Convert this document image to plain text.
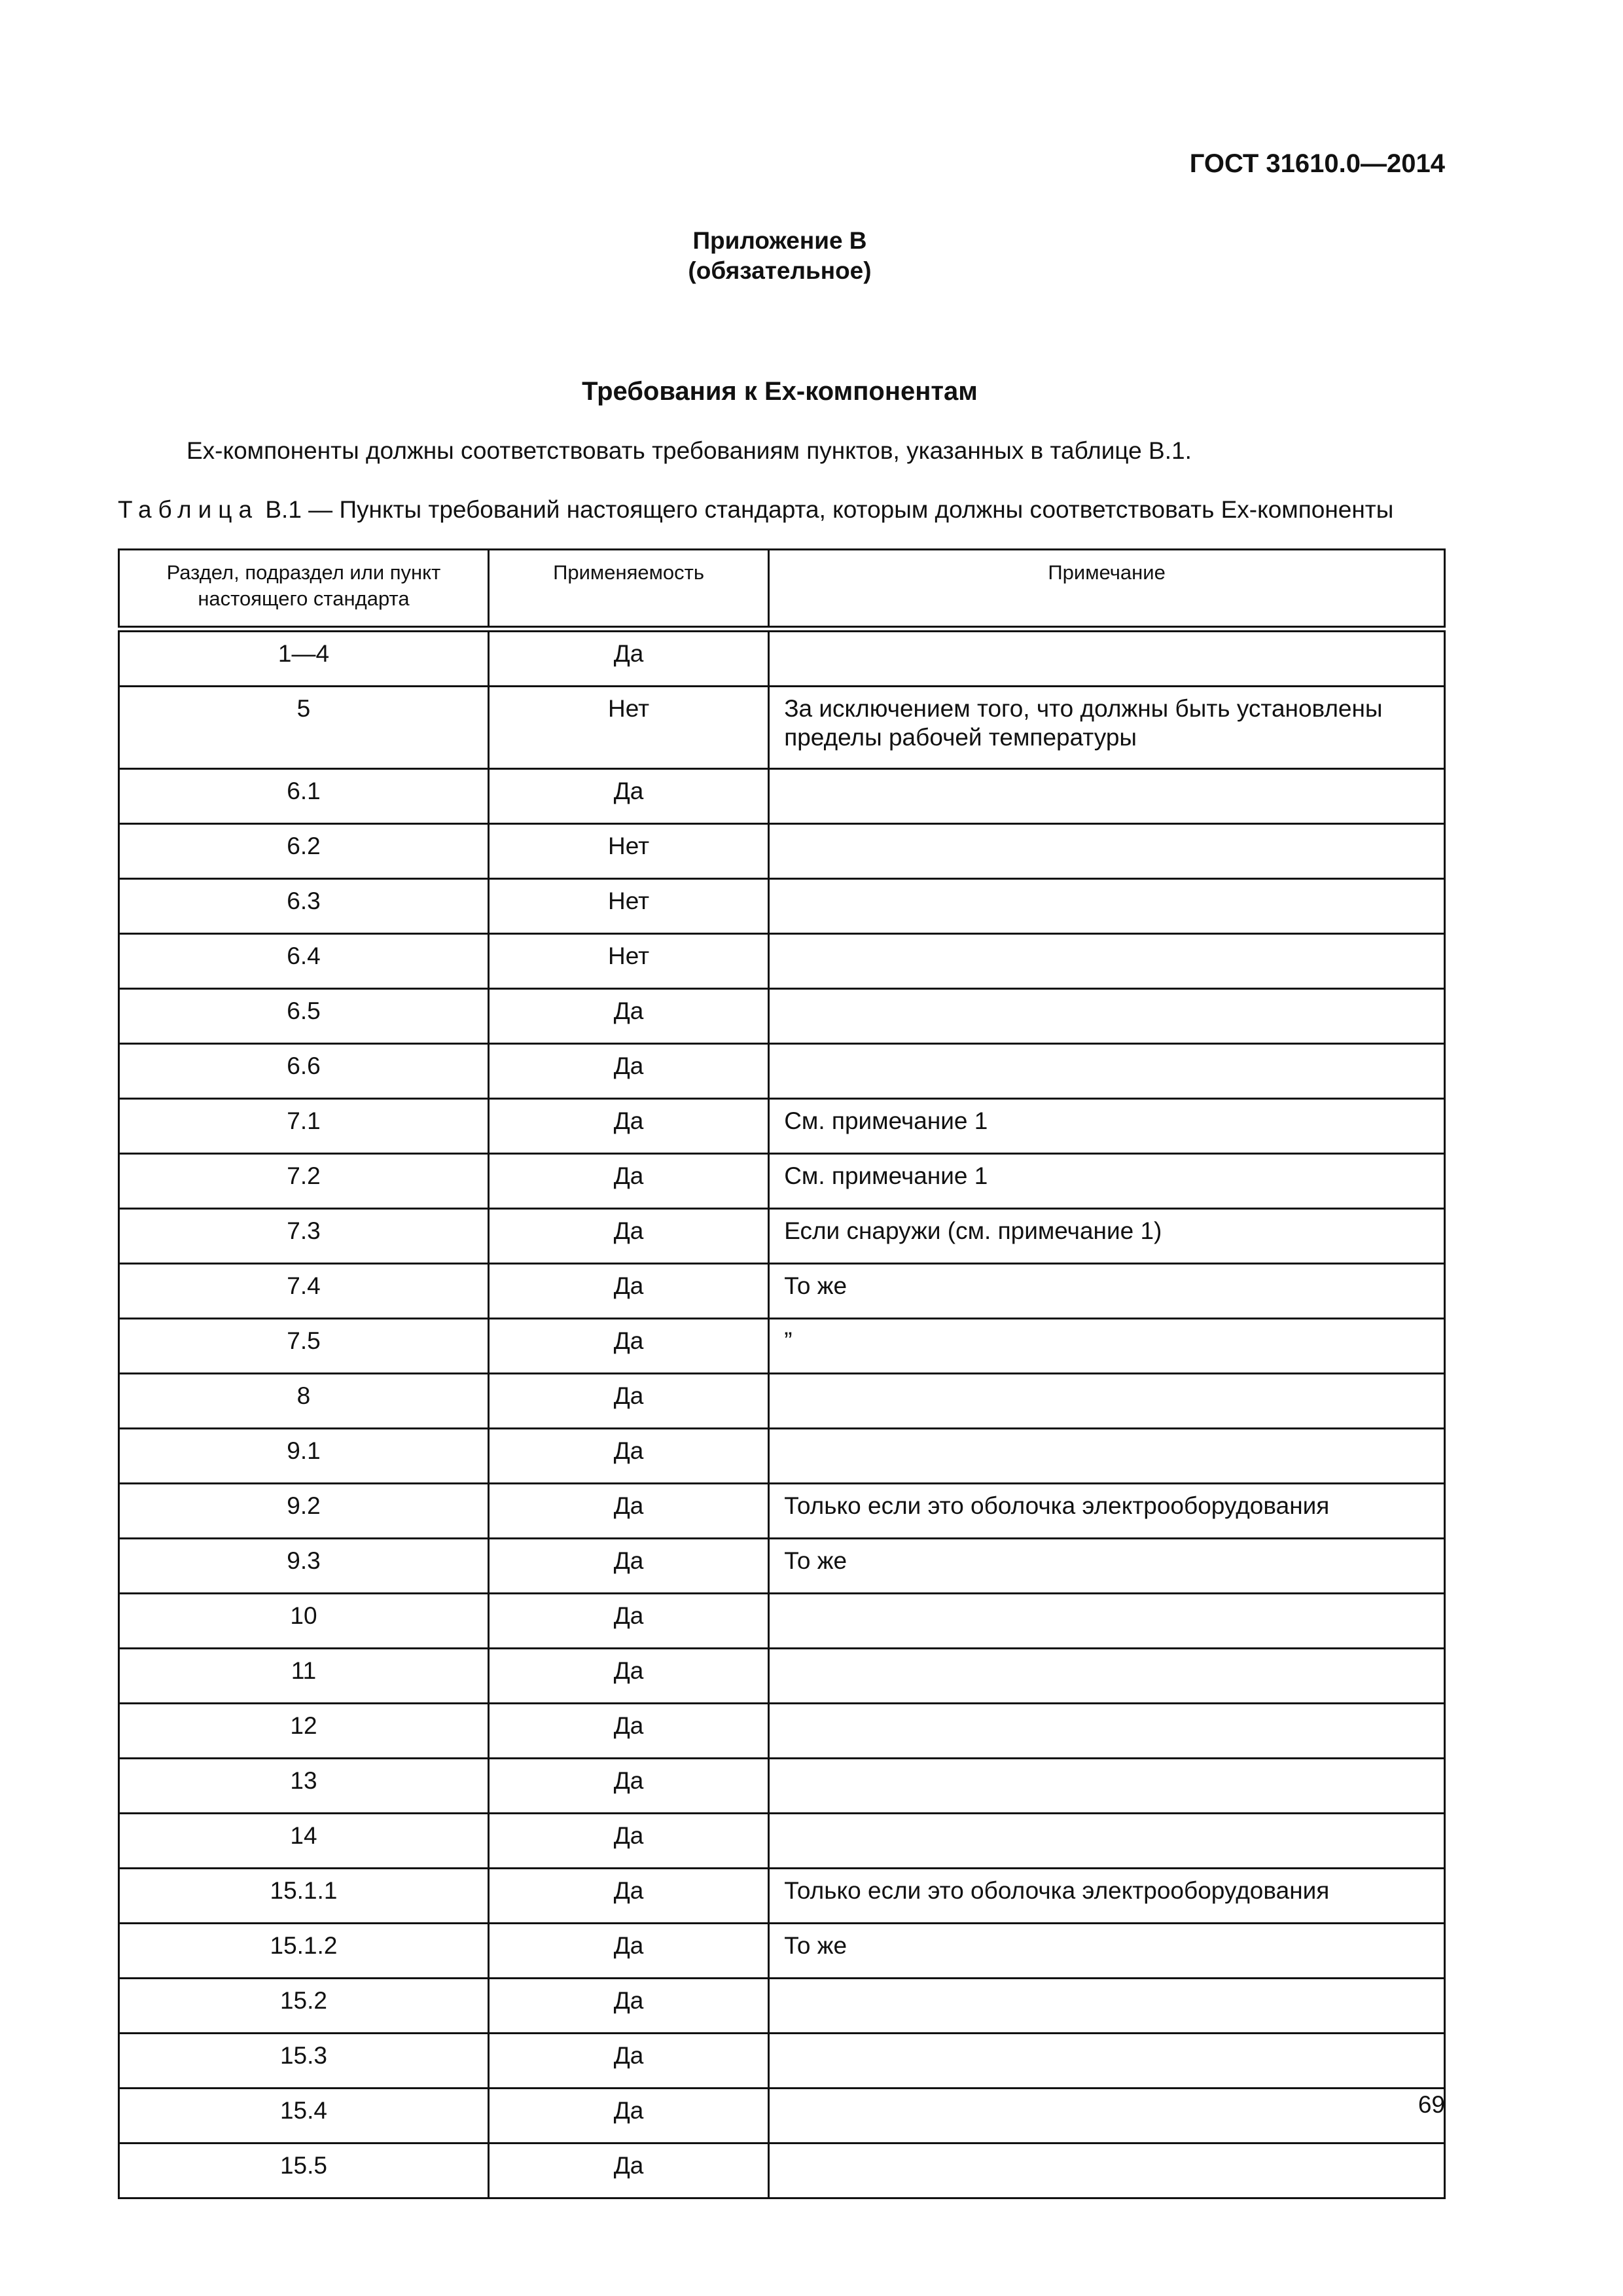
ГОСТ 31610.0—2014
Приложение В
(обязательное)
Требования к Ex-компонентам
Ex-компоненты должны соответствовать требованиям пунктов, указанных в таблице В.1.
Таблица В.1 — Пункты требований настоящего стандарта, которым должны соответствовать Ex-компоненты
Раздел, подраздел или пункт настоящего стандарта	Применяемость	Примечание
1—4	Да	
5	Нет	За исключением того, что должны быть установлены пределы рабочей температуры
6.1	Да	
6.2	Нет	
6.3	Нет	
6.4	Нет	
6.5	Да	
6.6	Да	
7.1	Да	См. примечание 1
7.2	Да	См. примечание 1
7.3	Да	Если снаружи (см. примечание 1)
7.4	Да	То же
7.5	Да	”
8	Да	
9.1	Да	
9.2	Да	Только если это оболочка электрооборудования
9.3	Да	То же
10	Да	
11	Да	
12	Да	
13	Да	
14	Да	
15.1.1	Да	Только если это оболочка электрооборудования
15.1.2	Да	То же
15.2	Да	
15.3	Да	
15.4	Да	
15.5	Да	
69
